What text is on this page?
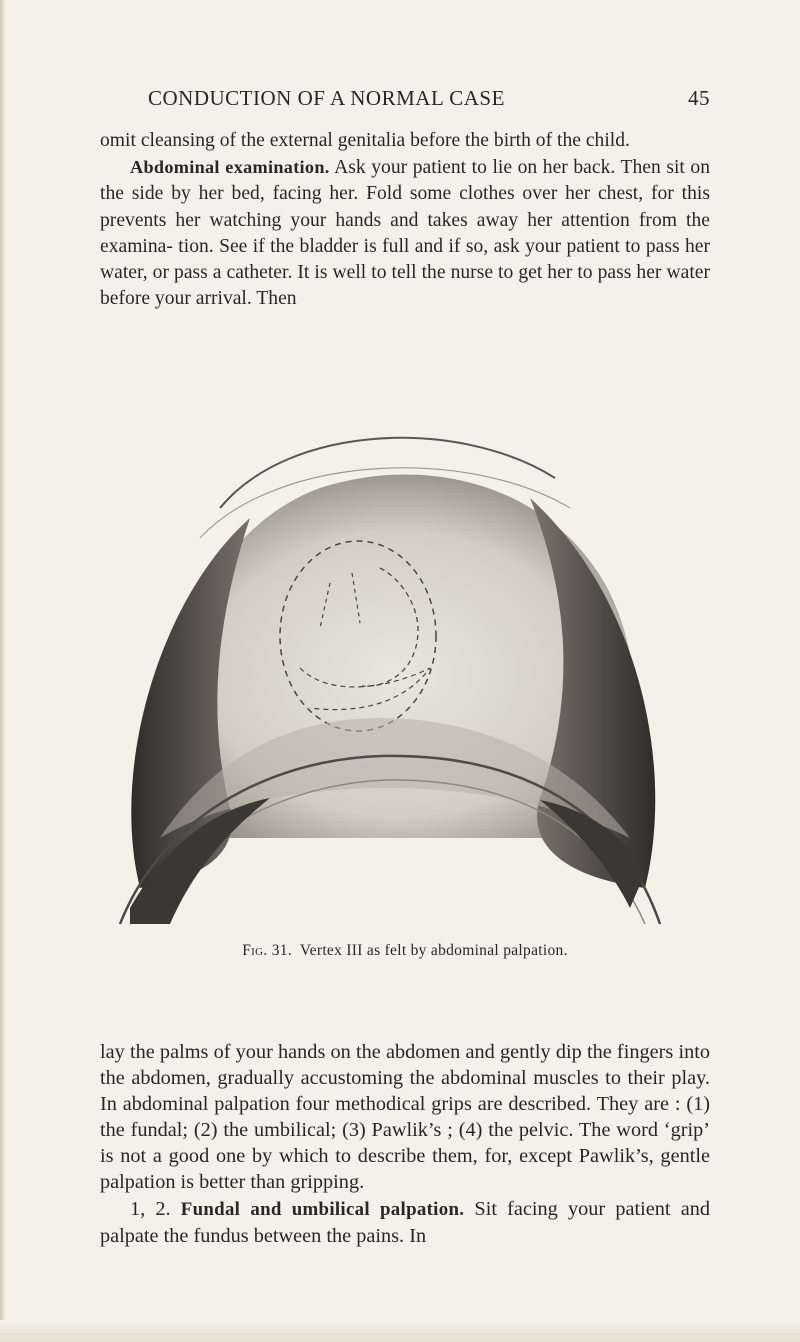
CONDUCTION OF A NORMAL CASE	45

omit cleansing of the external genitalia before the birth of the child.

Abdominal examination. Ask your patient to lie on her back. Then sit on the side by her bed, facing her. Fold some clothes over her chest, for this prevents her watching your hands and takes away her attention from the examina- tion. See if the bladder is full and if so, ask your patient to pass her water, or pass a catheter. It is well to tell the nurse to get her to pass her water before your arrival. Then

Fig. 31. Vertex III as felt by abdominal palpation.

lay the palms of your hands on the abdomen and gently dip the fingers into the abdomen, gradually accustoming the abdominal muscles to their play. In abdominal palpation four methodical grips are described. They are : (1) the fundal; (2) the umbilical; (3) Pawlik’s ; (4) the pelvic. The word ‘grip’ is not a good one by which to describe them, for, except Pawlik’s, gentle palpation is better than gripping.

1, 2. Fundal and umbilical palpation. Sit facing your patient and palpate the fundus between the pains. In
